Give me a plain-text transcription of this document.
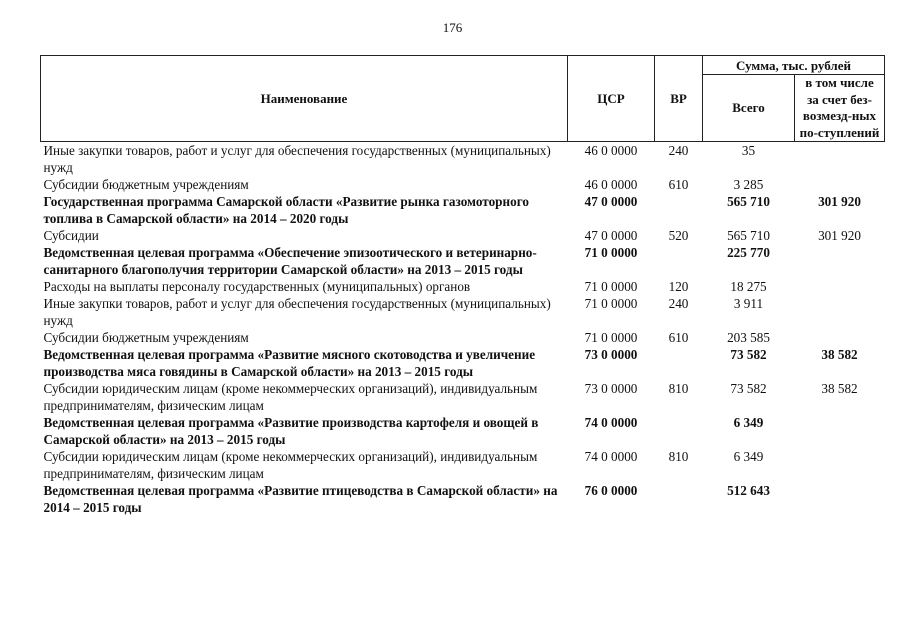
176
Наименование	ЦСР	ВР	Сумма, тыс. рублей	
			Всего	в том числе за счет без-возмезд-ных по-ступлений
Иные закупки товаров, работ и услуг для обеспечения государственных (муниципальных) нужд	46 0 0000	240	35	
Субсидии бюджетным учреждениям	46 0 0000	610	3 285	
Государственная программа Самарской области «Развитие рынка газомоторного топлива в Самарской области» на 2014 – 2020 годы	47 0 0000		565 710	301 920
Субсидии	47 0 0000	520	565 710	301 920
Ведомственная целевая программа «Обеспечение эпизоотического и ветеринарно-санитарного благополучия территории Самарской области» на 2013 – 2015 годы	71 0 0000		225 770	
Расходы на выплаты персоналу государственных (муниципальных) органов	71 0 0000	120	18 275	
Иные закупки товаров, работ и услуг для обеспечения государственных (муниципальных) нужд	71 0 0000	240	3 911	
Субсидии бюджетным учреждениям	71 0 0000	610	203 585	
Ведомственная целевая программа «Развитие мясного скотоводства и увеличение производства мяса говядины в Самарской области» на 2013 – 2015 годы	73 0 0000		73 582	38 582
Субсидии юридическим лицам (кроме некоммерческих организаций), индивидуальным предпринимателям, физическим лицам	73 0 0000	810	73 582	38 582
Ведомственная целевая программа «Развитие производства картофеля и овощей в Самарской области» на 2013 – 2015 годы	74 0 0000		6 349	
Субсидии юридическим лицам (кроме некоммерческих организаций), индивидуальным предпринимателям, физическим лицам	74 0 0000	810	6 349	
Ведомственная целевая программа «Развитие птицеводства в Самарской области» на 2014 – 2015 годы	76 0 0000		512 643	
